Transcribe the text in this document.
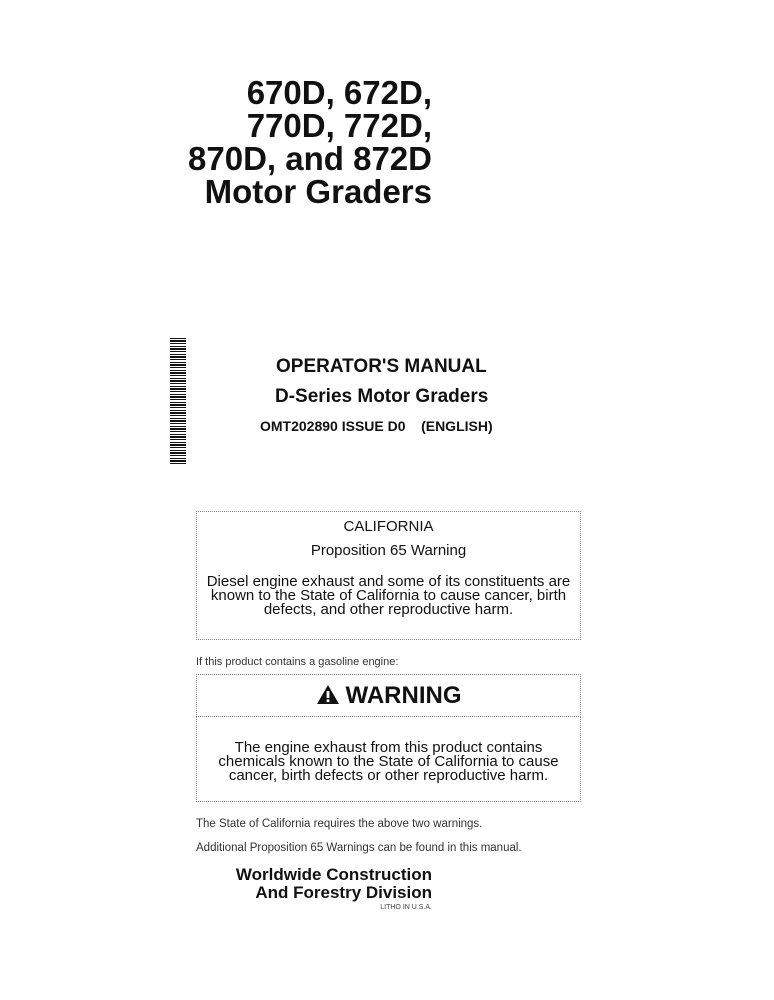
670D, 672D,
770D, 772D,
870D, and 872D
Motor Graders
OPERATOR'S MANUAL
D-Series Motor Graders
OMT202890 ISSUE D0    (ENGLISH)
CALIFORNIA
Proposition 65 Warning
Diesel engine exhaust and some of its constituents are known to the State of California to cause cancer, birth defects, and other reproductive harm.
If this product contains a gasoline engine:
WARNING
The engine exhaust from this product contains chemicals known to the State of California to cause cancer, birth defects or other reproductive harm.
The State of California requires the above two warnings.
Additional Proposition 65 Warnings can be found in this manual.
Worldwide Construction
And Forestry Division
LITHO IN U.S.A.
